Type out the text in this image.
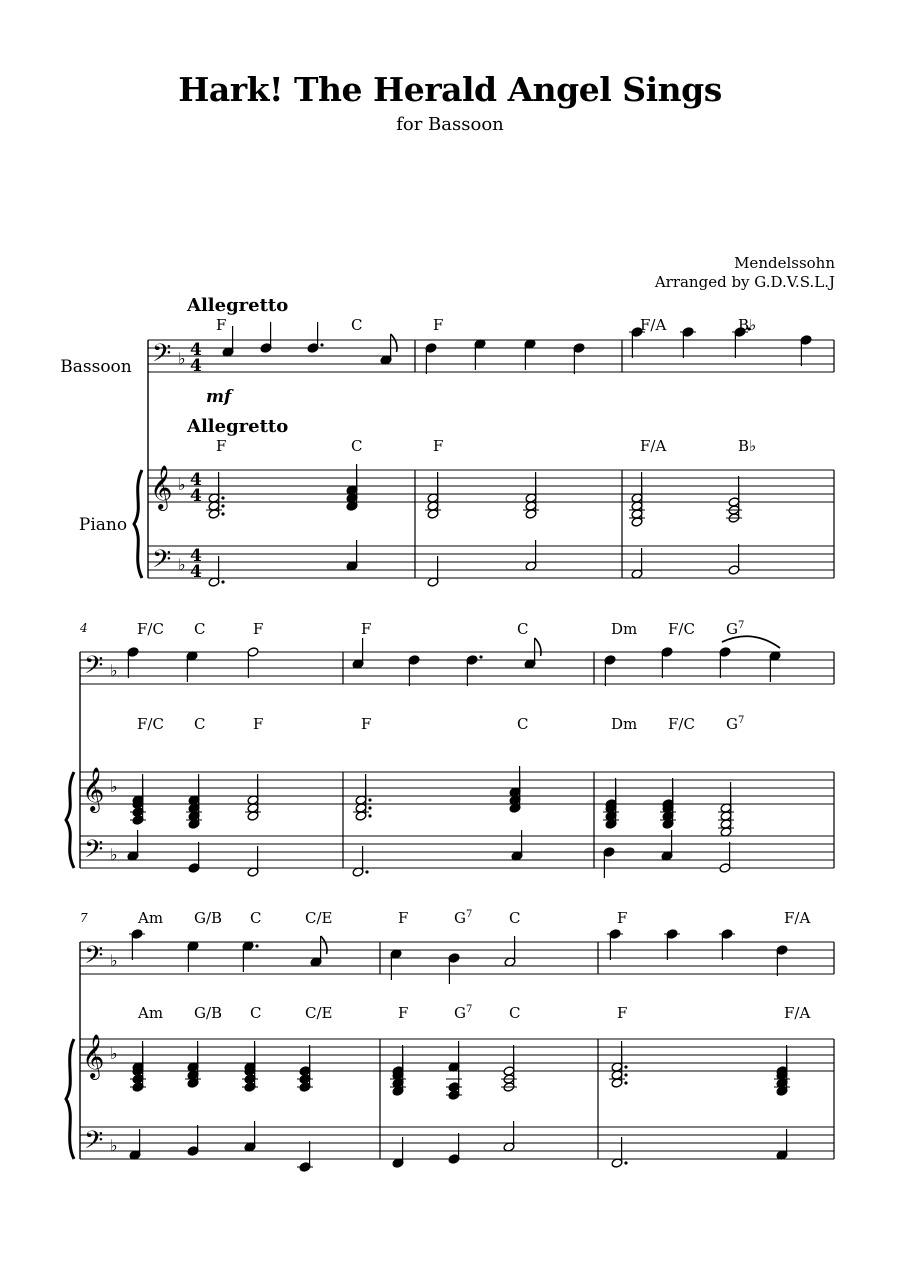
Hark! The Herald Angel Sings
for Bassoon
Mendelssohn
Arranged by G.D.V.S.L.J
𝄢
𝄞
𝄢
♭
♭
♭
4
4
4
4
4
4
𝄢
𝄞
𝄢
♭
♭
♭
𝄢
𝄞
𝄢
♭
♭
♭
F
F
C
C
F
F
F/A
F/A
B♭
B♭
4	F/C
F/C
C
C
F
F
F
F
C
C
Dm
Dm
F/C
F/C
$G^7$
$G^7$
7	Am
Am
G/B
G/B
C
C
C/E
C/E
F
F
$G^7$
$G^7$
C
C
F
F
F/A
F/A
Bassoon
Piano
Allegretto
Allegretto
mf
